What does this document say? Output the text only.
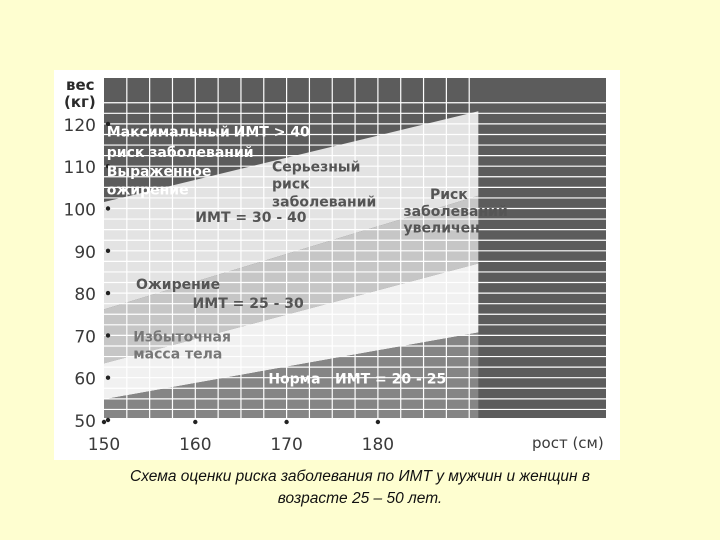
50
60
70
80
90
100
110
120
150	160	170	180
вес
(кг)
рост (см)
Максимальный
риск заболеваний
ИМТ > 40
Серьезный
риск
заболеваний
Выраженное
ожирение
ИМТ = 30 - 40
Риск
заболеваний
увеличен
Ожирение
ИМТ = 25 - 30
Избыточная
масса тела
Норма ИМТ = 20 - 25
Схема оценки риска заболевания по ИМТ у мужчин и женщин в
возрасте 25 – 50 лет.
